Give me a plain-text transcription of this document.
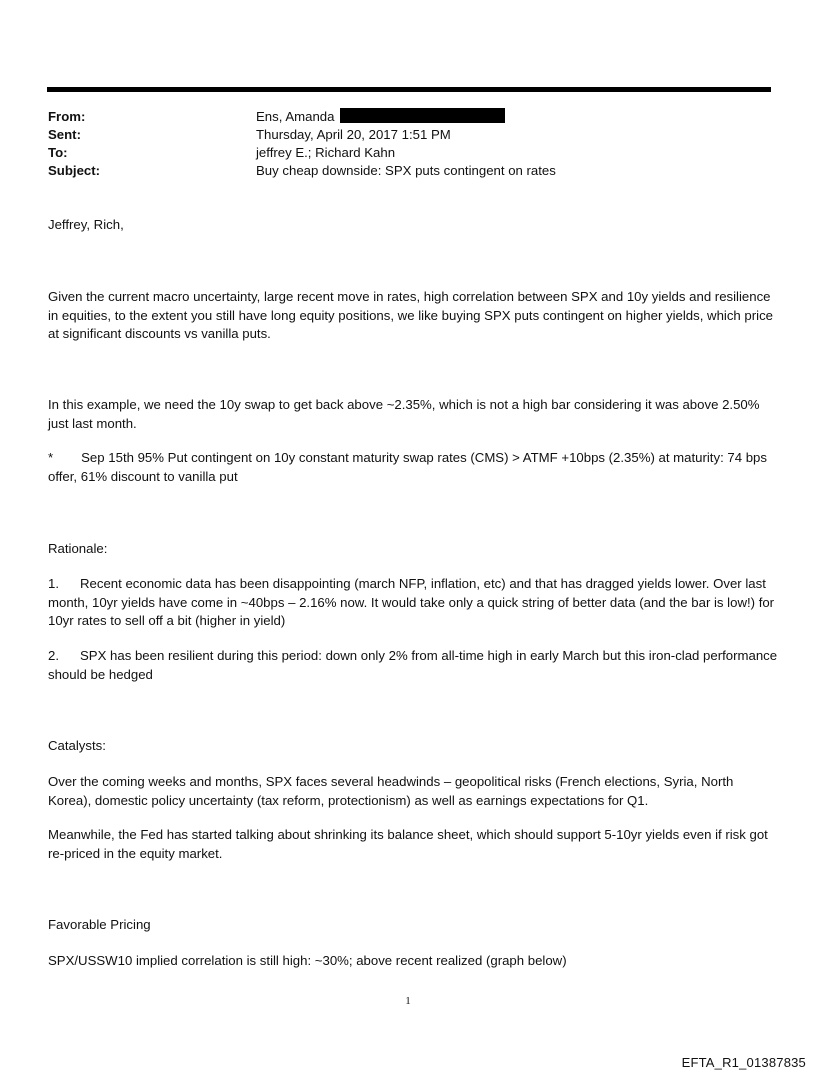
From:	Ens, Amanda
Sent:	Thursday, April 20, 2017 1:51 PM
To:	jeffrey E.; Richard Kahn
Subject:	Buy cheap downside: SPX puts contingent on rates

Jeffrey, Rich,

Given the current macro uncertainty, large recent move in rates, high correlation between SPX and 10y yields and resilience in equities, to the extent you still have long equity positions, we like buying SPX puts contingent on higher yields, which price at significant discounts vs vanilla puts.

In this example, we need the 10y swap to get back above ~2.35%, which is not a high bar considering it was above 2.50% just last month.

* Sep 15th 95% Put contingent on 10y constant maturity swap rates (CMS) > ATMF +10bps (2.35%) at maturity: 74 bps offer, 61% discount to vanilla put

Rationale:

1. Recent economic data has been disappointing (march NFP, inflation, etc) and that has dragged yields lower. Over last month, 10yr yields have come in ~40bps – 2.16% now. It would take only a quick string of better data (and the bar is low!) for 10yr rates to sell off a bit (higher in yield)

2. SPX has been resilient during this period: down only 2% from all-time high in early March but this iron-clad performance should be hedged

Catalysts:

Over the coming weeks and months, SPX faces several headwinds – geopolitical risks (French elections, Syria, North Korea), domestic policy uncertainty (tax reform, protectionism) as well as earnings expectations for Q1.

Meanwhile, the Fed has started talking about shrinking its balance sheet, which should support 5-10yr yields even if risk got re-priced in the equity market.

Favorable Pricing

SPX/USSW10 implied correlation is still high: ~30%; above recent realized (graph below)

1
EFTA_R1_01387835
